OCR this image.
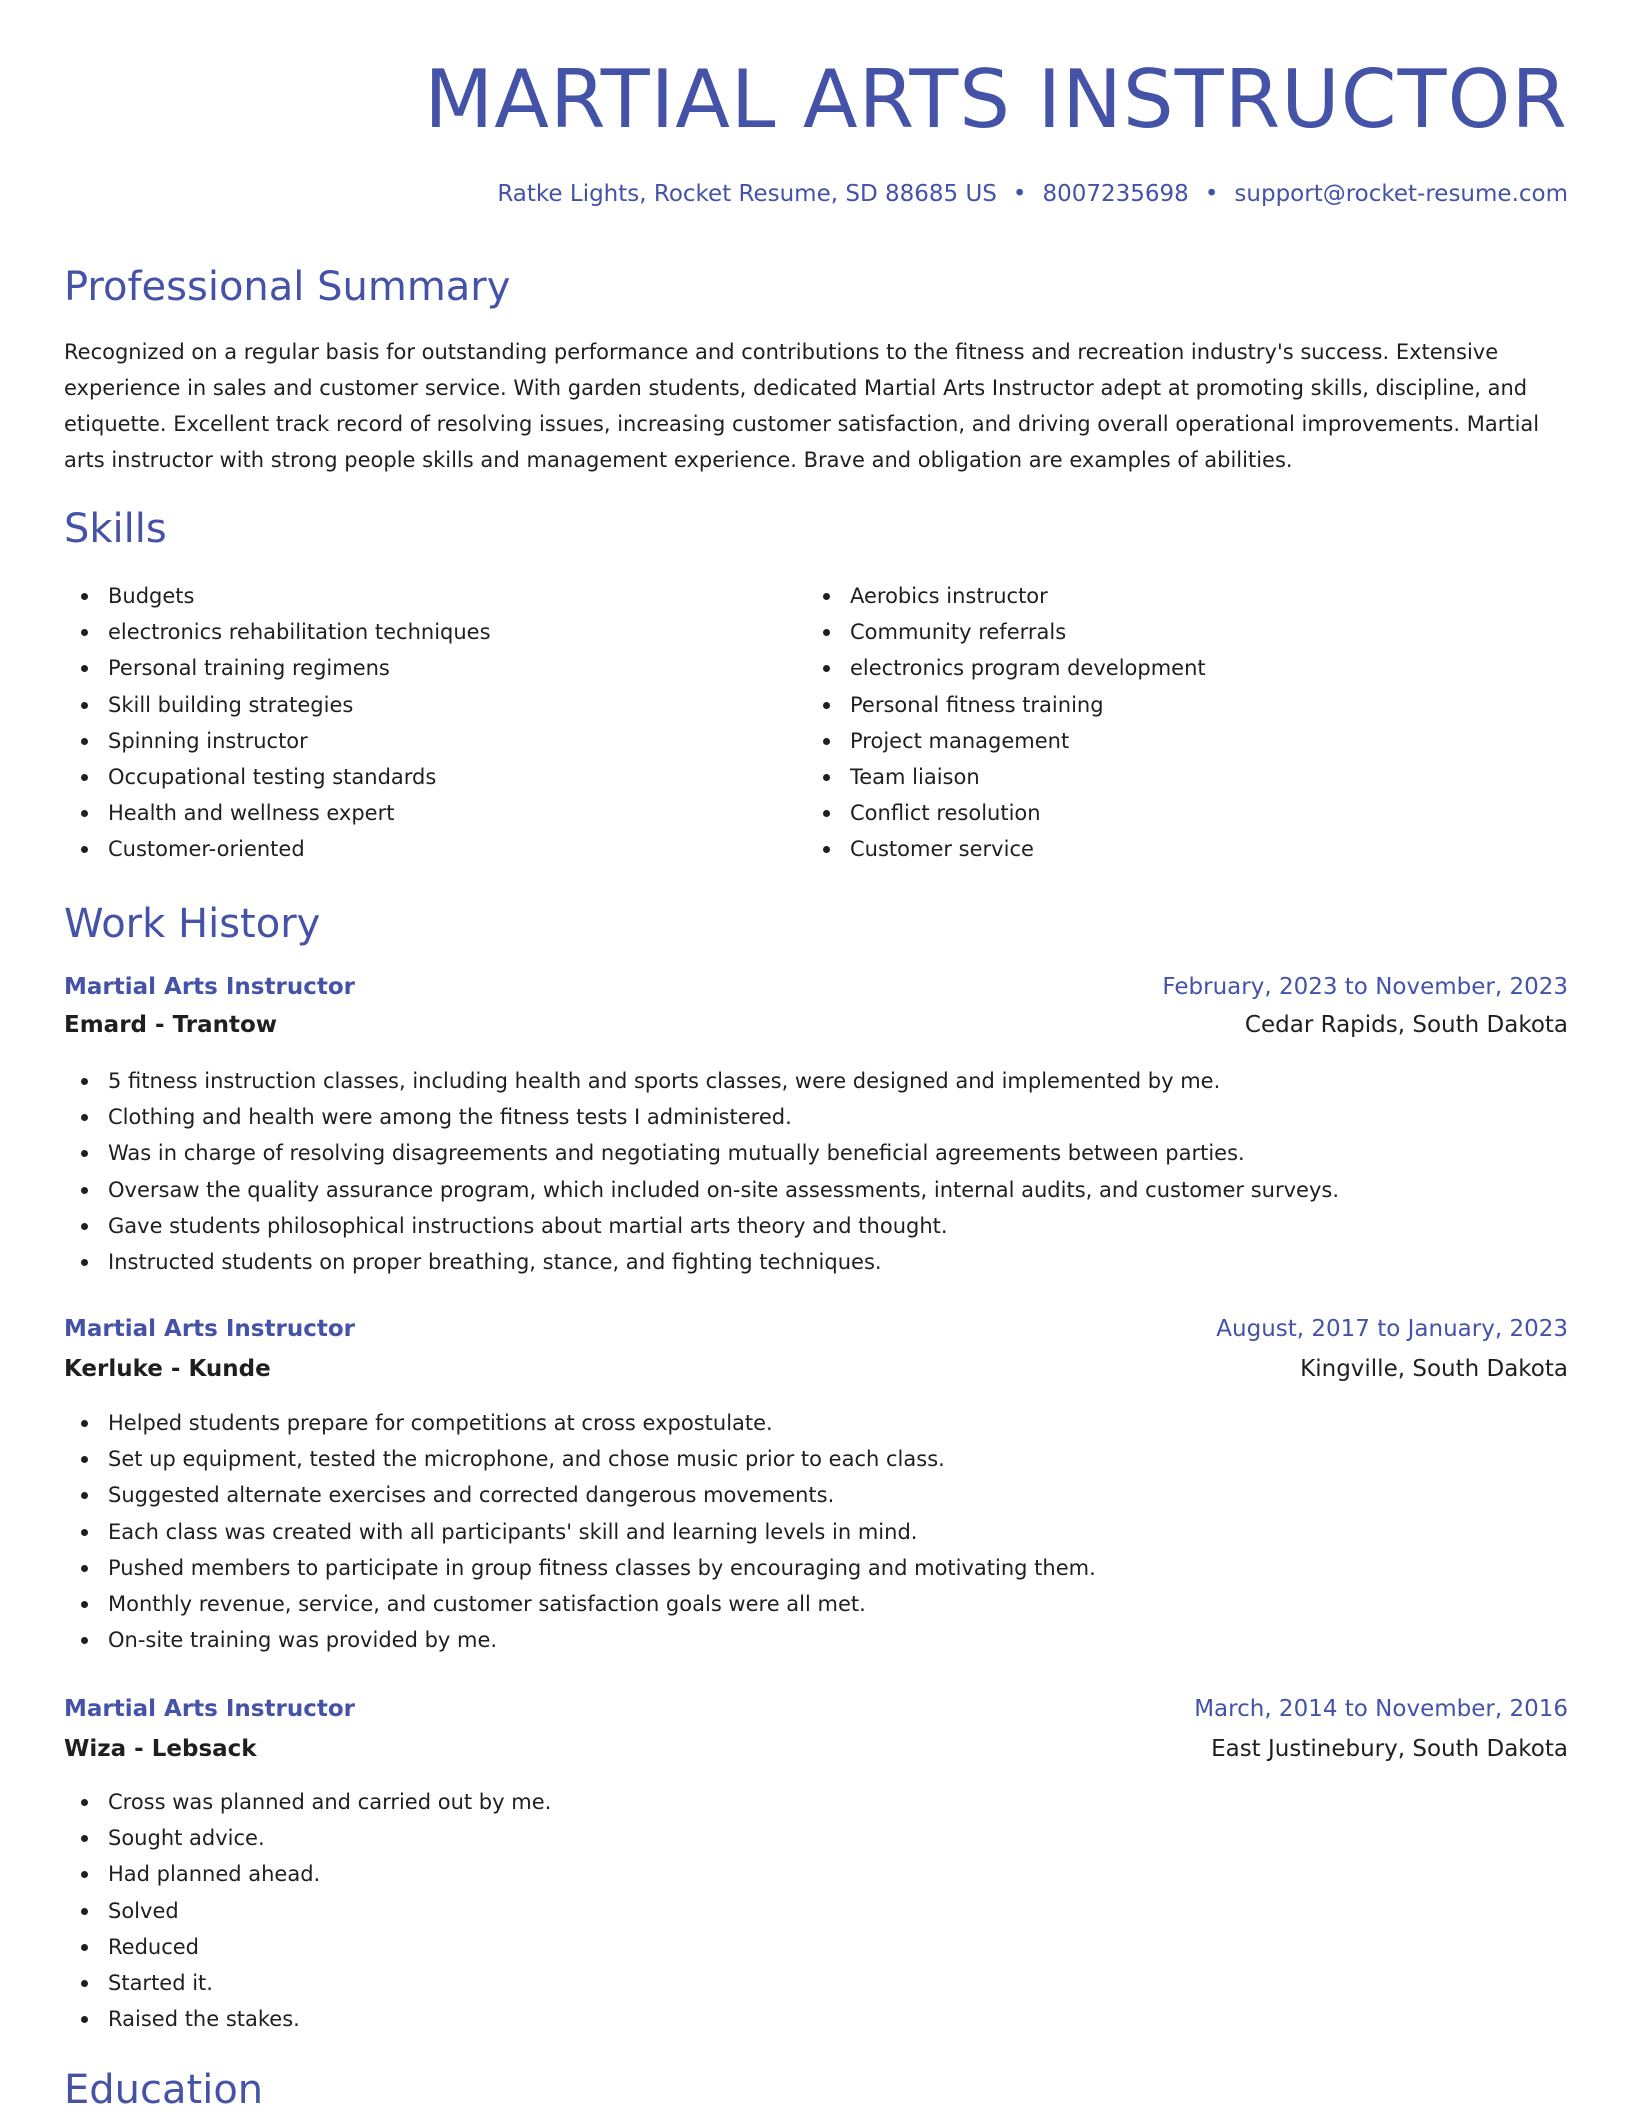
MARTIAL ARTS INSTRUCTOR
Ratke Lights, Rocket Resume, SD 88685 US • 8007235698 • support@rocket-resume.com
Professional Summary

Recognized on a regular basis for outstanding performance and contributions to the fitness and recreation industry's success. Extensive experience in sales and customer service. With garden students, dedicated Martial Arts Instructor adept at promoting skills, discipline, and etiquette. Excellent track record of resolving issues, increasing customer satisfaction, and driving overall operational improvements. Martial arts instructor with strong people skills and management experience. Brave and obligation are examples of abilities.

Skills
Budgets
electronics rehabilitation techniques
Personal training regimens
Skill building strategies
Spinning instructor
Occupational testing standards
Health and wellness expert
Customer-oriented
Aerobics instructor
Community referrals
electronics program development
Personal fitness training
Project management
Team liaison
Conflict resolution
Customer service
Work History
Martial Arts Instructor	February, 2023 to November, 2023
Emard - Trantow	Cedar Rapids, South Dakota
5 fitness instruction classes, including health and sports classes, were designed and implemented by me.
Clothing and health were among the fitness tests I administered.
Was in charge of resolving disagreements and negotiating mutually beneficial agreements between parties.
Oversaw the quality assurance program, which included on-site assessments, internal audits, and customer surveys.
Gave students philosophical instructions about martial arts theory and thought.
Instructed students on proper breathing, stance, and fighting techniques.
Martial Arts Instructor	August, 2017 to January, 2023
Kerluke - Kunde	Kingville, South Dakota
Helped students prepare for competitions at cross expostulate.
Set up equipment, tested the microphone, and chose music prior to each class.
Suggested alternate exercises and corrected dangerous movements.
Each class was created with all participants' skill and learning levels in mind.
Pushed members to participate in group fitness classes by encouraging and motivating them.
Monthly revenue, service, and customer satisfaction goals were all met.
On-site training was provided by me.
Martial Arts Instructor	March, 2014 to November, 2016
Wiza - Lebsack	East Justinebury, South Dakota
Cross was planned and carried out by me.
Sought advice.
Had planned ahead.
Solved
Reduced
Started it.
Raised the stakes.
Education
